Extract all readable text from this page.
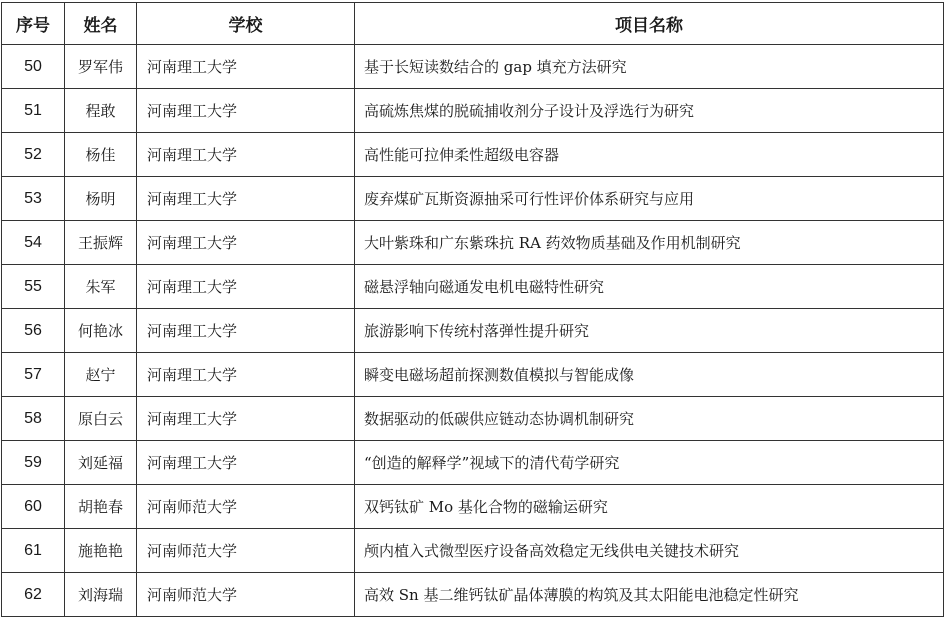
序号	姓名	学校	项目名称
50	罗军伟	河南理工大学	基于长短读数结合的 gap 填充方法研究
51	程敢	河南理工大学	高硫炼焦煤的脱硫捕收剂分子设计及浮选行为研究
52	杨佳	河南理工大学	高性能可拉伸柔性超级电容器
53	杨明	河南理工大学	废弃煤矿瓦斯资源抽采可行性评价体系研究与应用
54	王振辉	河南理工大学	大叶紫珠和广东紫珠抗 RA 药效物质基础及作用机制研究
55	朱军	河南理工大学	磁悬浮轴向磁通发电机电磁特性研究
56	何艳冰	河南理工大学	旅游影响下传统村落弹性提升研究
57	赵宁	河南理工大学	瞬变电磁场超前探测数值模拟与智能成像
58	原白云	河南理工大学	数据驱动的低碳供应链动态协调机制研究
59	刘延福	河南理工大学	“创造的解释学”视域下的清代荀学研究
60	胡艳春	河南师范大学	双钙钛矿 Mo 基化合物的磁输运研究
61	施艳艳	河南师范大学	颅内植入式微型医疗设备高效稳定无线供电关键技术研究
62	刘海瑞	河南师范大学	高效 Sn 基二维钙钛矿晶体薄膜的构筑及其太阳能电池稳定性研究
